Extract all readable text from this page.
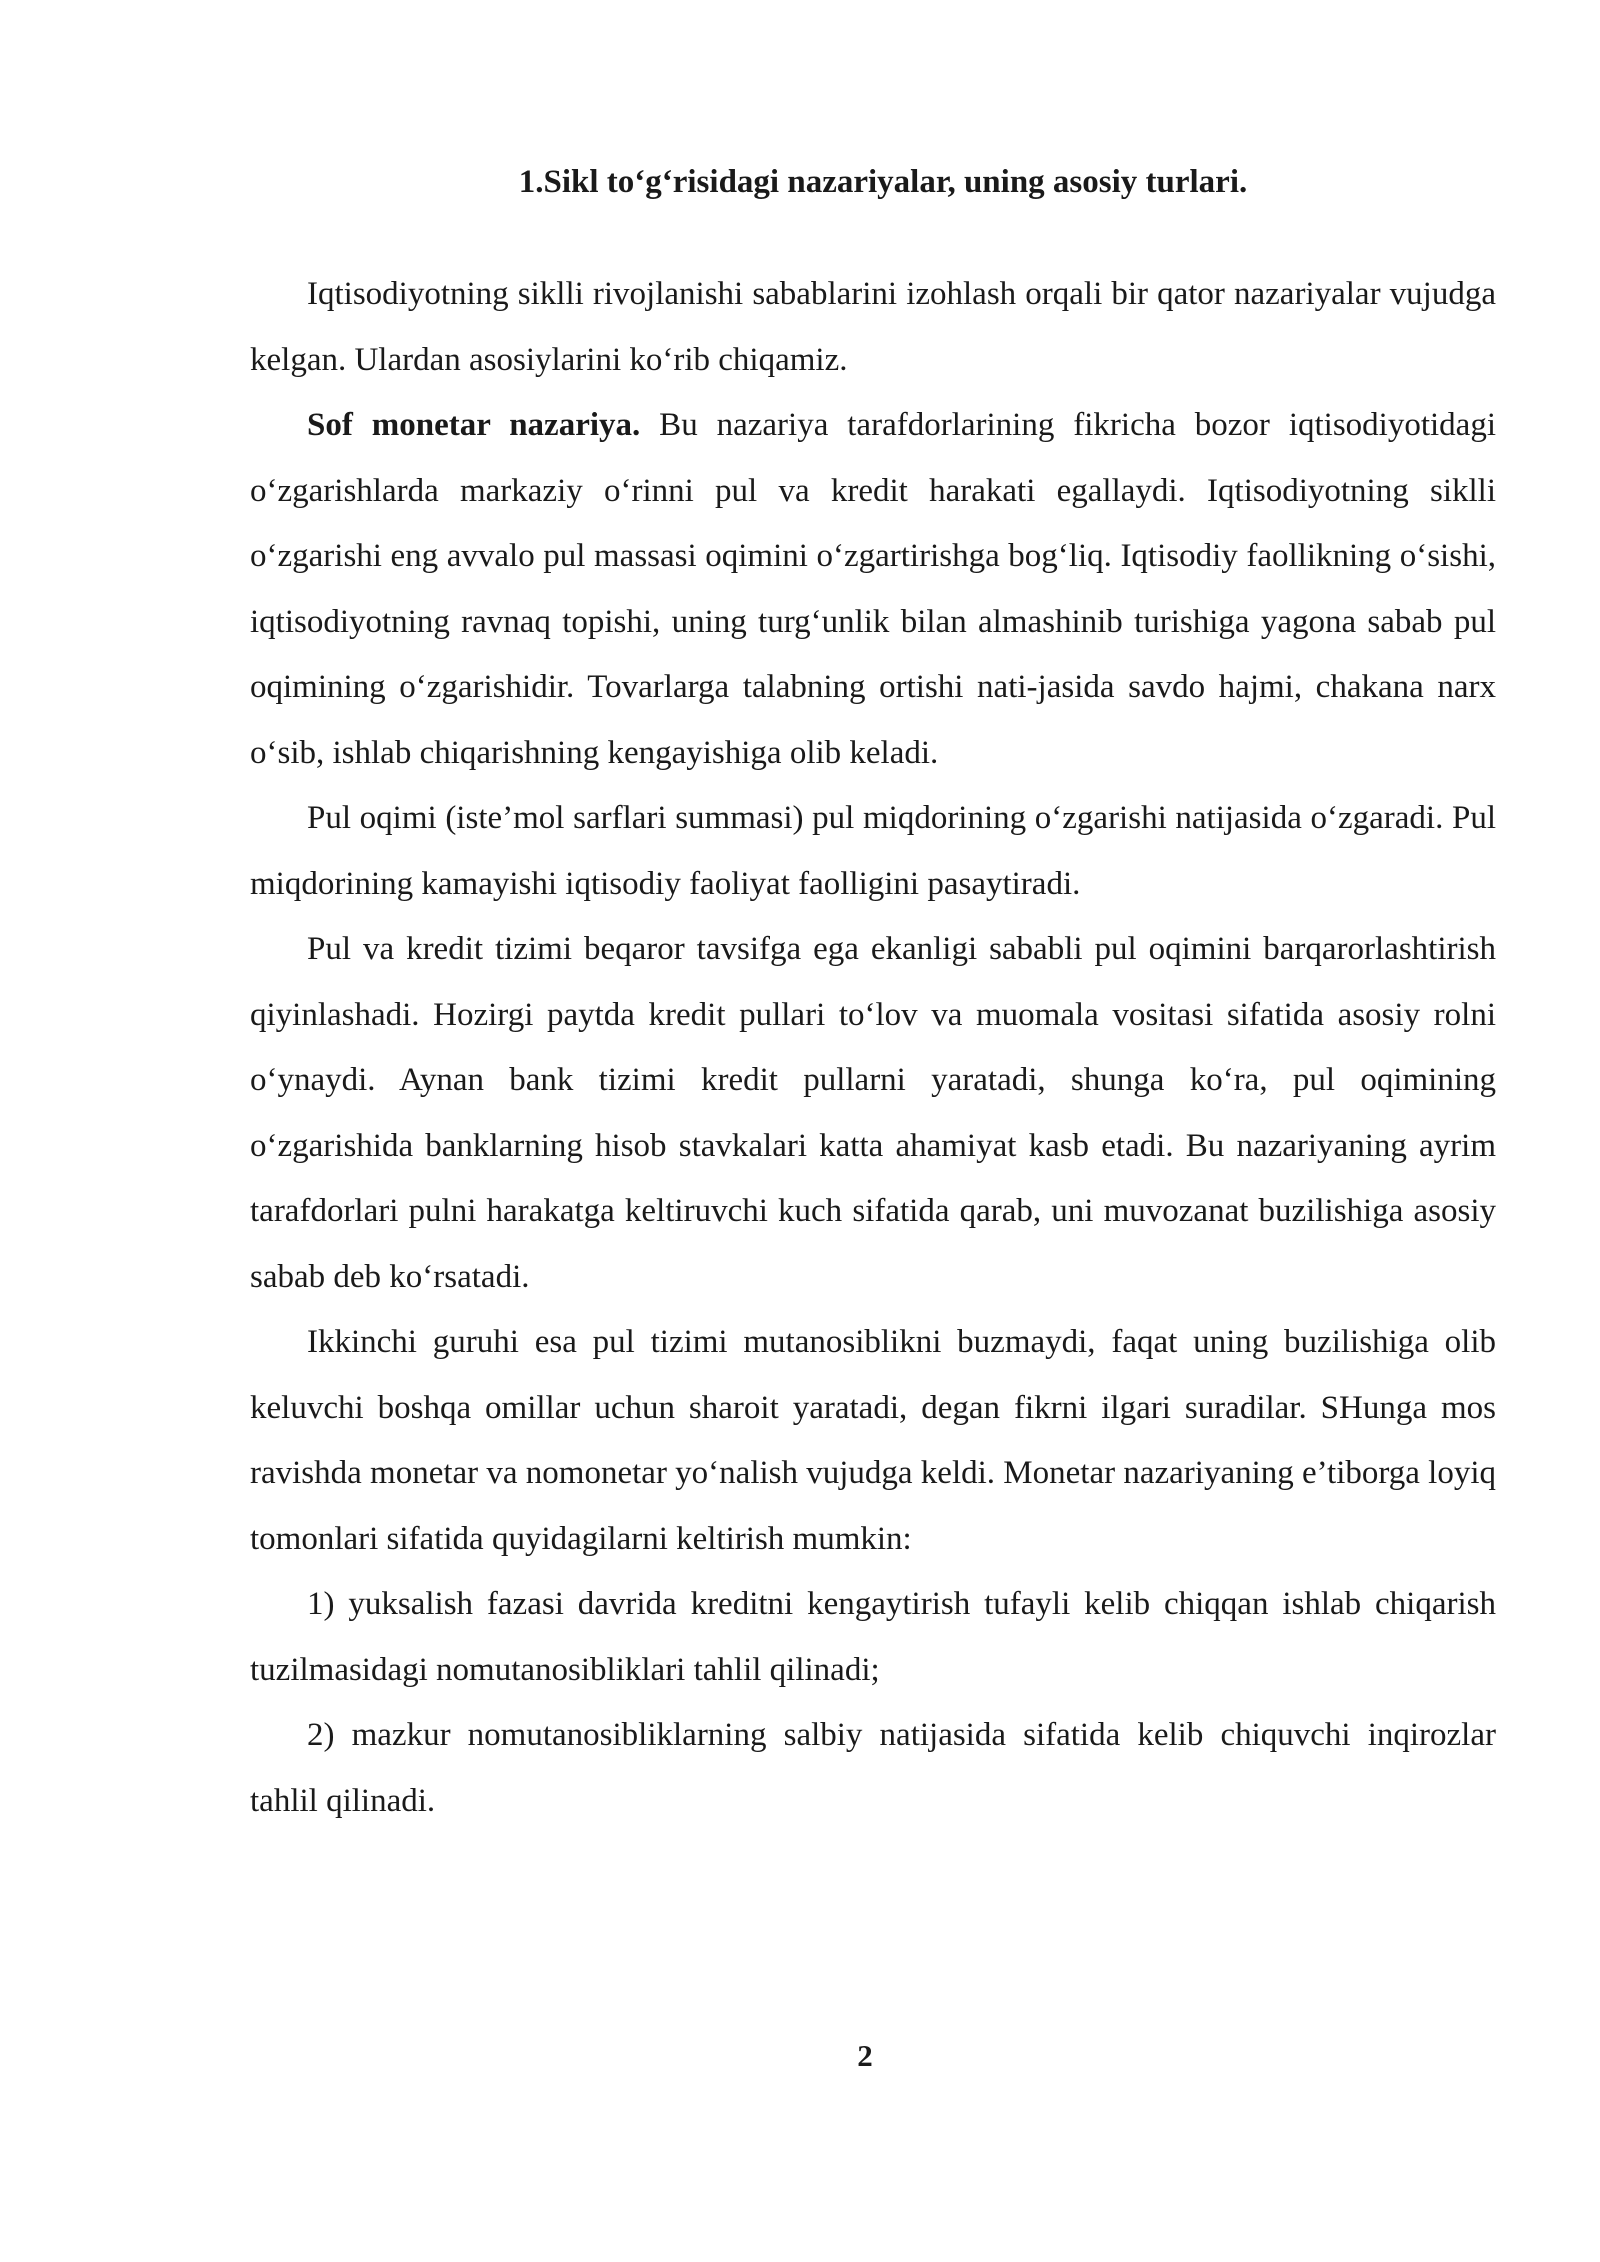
1.Sikl to‘g‘risidagi nazariyalar, uning asosiy turlari.

Iqtisodiyotning siklli rivojlanishi sabablarini izohlash orqali bir qator nazariyalar vujudga kelgan. Ulardan asosiylarini ko‘rib chiqamiz.

Sof monetar nazariya. Bu nazariya tarafdorlarining fikricha bozor iqtisodiyotidagi o‘zgarishlarda markaziy o‘rinni pul va kredit harakati egallaydi. Iqtisodiyotning siklli o‘zgarishi eng avvalo pul massasi oqimini o‘zgartirishga bog‘liq. Iqtisodiy faollikning o‘sishi, iqtisodiyotning ravnaq topishi, uning turg‘unlik bilan almashinib turishiga yagona sabab pul oqimining o‘zgarishidir. Tovarlarga talabning ortishi nati-jasida savdo hajmi, chakana narx o‘sib, ishlab chiqarishning kengayishiga olib keladi.

Pul oqimi (iste’mol sarflari summasi) pul miqdorining o‘zgarishi natijasida o‘zgaradi. Pul miqdorining kamayishi iqtisodiy faoliyat faolligini pasaytiradi.

Pul va kredit tizimi beqaror tavsifga ega ekanligi sababli pul oqimini barqarorlashtirish qiyinlashadi. Hozirgi paytda kredit pullari to‘lov va muomala vositasi sifatida asosiy rolni o‘ynaydi. Aynan bank tizimi kredit pullarni yaratadi, shunga ko‘ra, pul oqimining o‘zgarishida banklarning hisob stavkalari katta ahamiyat kasb etadi. Bu nazariyaning ayrim tarafdorlari pulni harakatga keltiruvchi kuch sifatida qarab, uni muvozanat buzilishiga asosiy sabab deb ko‘rsatadi.

Ikkinchi guruhi esa pul tizimi mutanosiblikni buzmaydi, faqat uning buzilishiga olib keluvchi boshqa omillar uchun sharoit yaratadi, degan fikrni ilgari suradilar. SHunga mos ravishda monetar va nomonetar yo‘nalish vujudga keldi. Monetar nazariyaning e’tiborga loyiq tomonlari sifatida quyidagilarni keltirish mumkin:

1) yuksalish fazasi davrida kreditni kengaytirish tufayli kelib chiqqan ishlab chiqarish tuzilmasidagi nomutanosibliklari tahlil qilinadi;

2) mazkur nomutanosibliklarning salbiy natijasida sifatida kelib chiquvchi inqirozlar tahlil qilinadi.

2
